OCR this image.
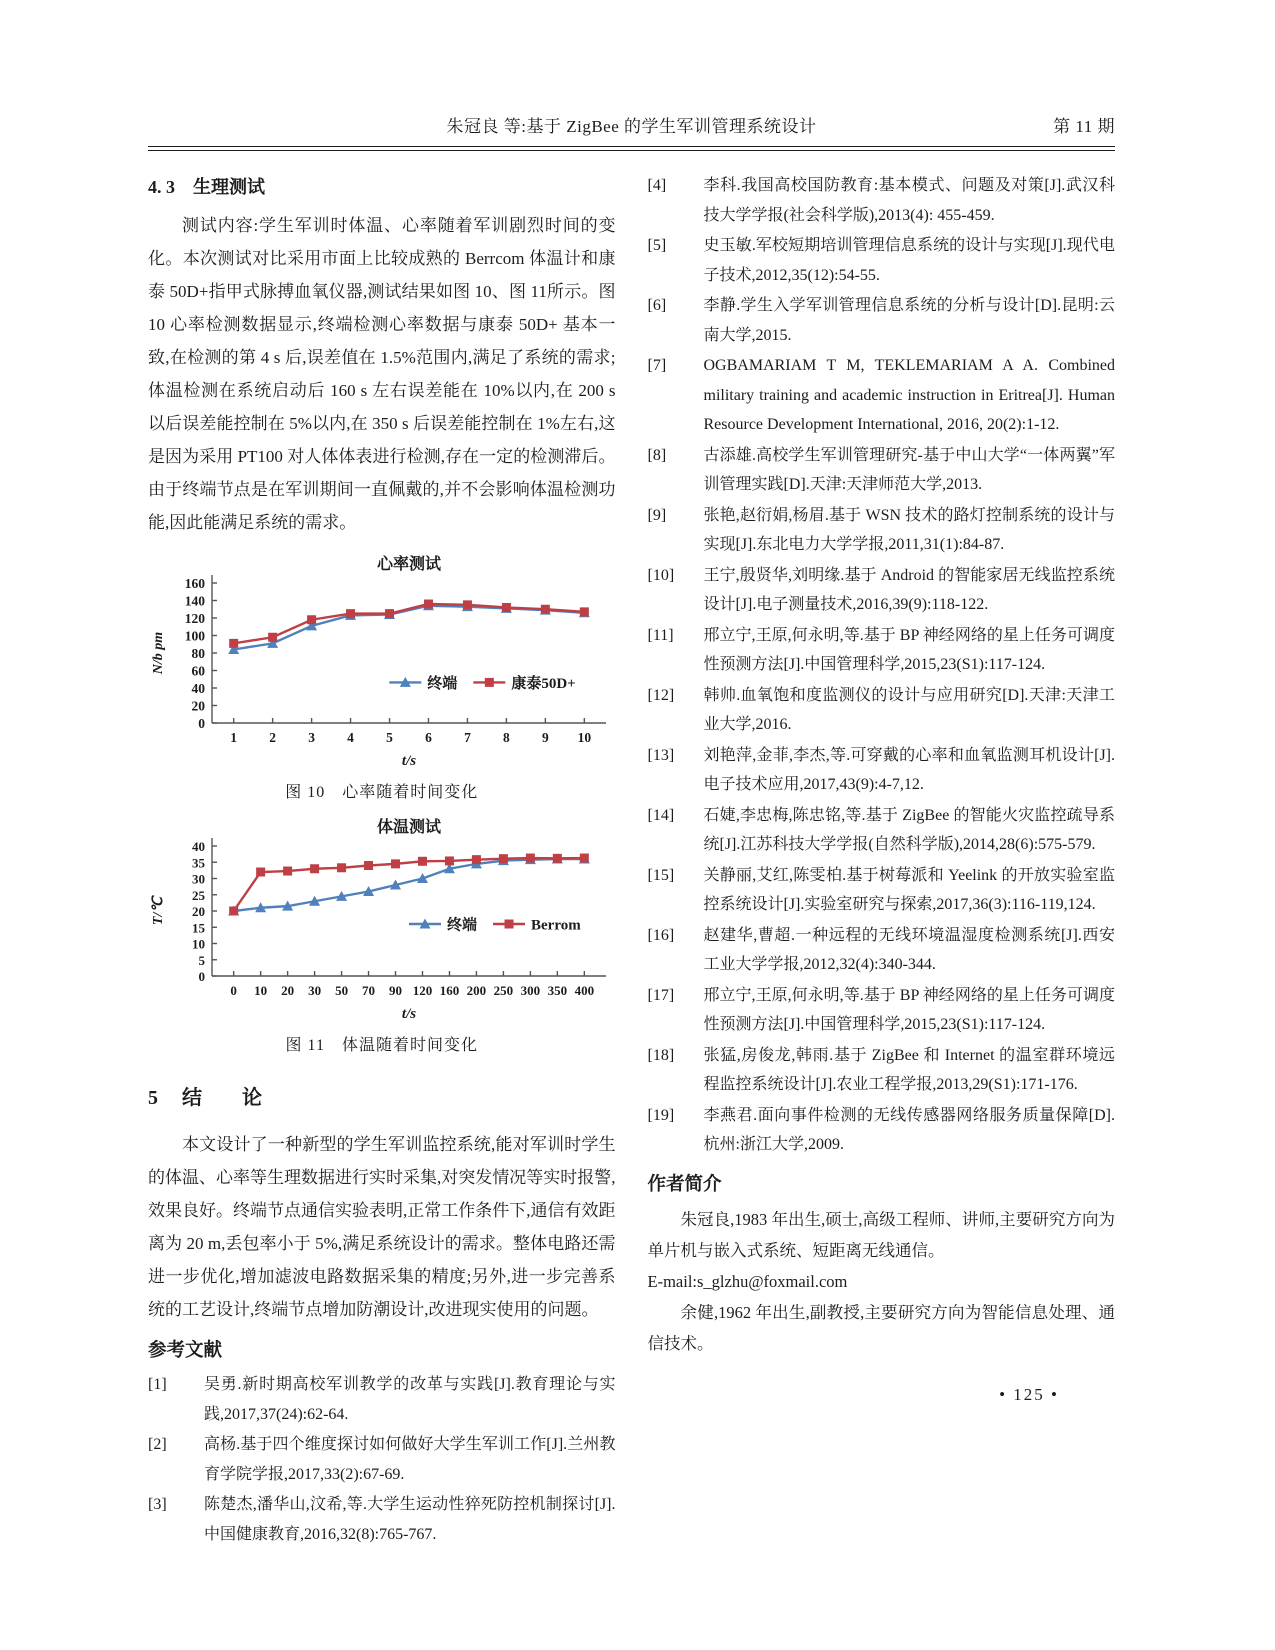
朱冠良 等:基于 ZigBee 的学生军训管理系统设计	第 11 期
4. 3 生理测试

测试内容:学生军训时体温、心率随着军训剧烈时间的变化。本次测试对比采用市面上比较成熟的 Berrcom 体温计和康泰 50D+指甲式脉搏血氧仪器,测试结果如图 10、图 11所示。图 10 心率检测数据显示,终端检测心率数据与康泰 50D+ 基本一致,在检测的第 4 s 后,误差值在 1.5%范围内,满足了系统的需求;体温检测在系统启动后 160 s 左右误差能在 10%以内,在 200 s 以后误差能控制在 5%以内,在 350 s 后误差能控制在 1%左右,这是因为采用 PT100 对人体体表进行检测,存在一定的检测滞后。由于终端节点是在军训期间一直佩戴的,并不会影响体温检测功能,因此能满足系统的需求。

心率测试
0
20
40
60
80
100
120
140
160
1 2 3 4 5 6 7 8 9 10
t/s
N/b pm
终端	康泰50D+
图 10　心率随着时间变化
体温测试
0
5
10
15
20
25
30
35
40
0 10 20 30 50 70 90 120 160 200 250 300 350 400
t/s
T/℃
终端	Berrom
图 11　体温随着时间变化
5 结　　论

本文设计了一种新型的学生军训监控系统,能对军训时学生的体温、心率等生理数据进行实时采集,对突发情况等实时报警,效果良好。终端节点通信实验表明,正常工作条件下,通信有效距离为 20 m,丢包率小于 5%,满足系统设计的需求。整体电路还需进一步优化,增加滤波电路数据采集的精度;另外,进一步完善系统的工艺设计,终端节点增加防潮设计,改进现实使用的问题。

参考文献
[1]	吴勇.新时期高校军训教学的改革与实践[J].教育理论与实践,2017,37(24):62-64.
[2]	高杨.基于四个维度探讨如何做好大学生军训工作[J].兰州教育学院学报,2017,33(2):67-69.
[3]	陈楚杰,潘华山,汶希,等.大学生运动性猝死防控机制探讨[J].中国健康教育,2016,32(8):765-767.
[4]	李科.我国高校国防教育:基本模式、问题及对策[J].武汉科技大学学报(社会科学版),2013(4): 455-459.
[5]	史玉敏.军校短期培训管理信息系统的设计与实现[J].现代电子技术,2012,35(12):54-55.
[6]	李静.学生入学军训管理信息系统的分析与设计[D].昆明:云南大学,2015.
[7]	OGBAMARIAM T M, TEKLEMARIAM A A. Combined military training and academic instruction in Eritrea[J]. Human Resource Development International, 2016, 20(2):1-12.
[8]	古添雄.高校学生军训管理研究-基于中山大学“一体两翼”军训管理实践[D].天津:天津师范大学,2013.
[9]	张艳,赵衍娟,杨眉.基于 WSN 技术的路灯控制系统的设计与实现[J].东北电力大学学报,2011,31(1):84-87.
[10]	王宁,殷贤华,刘明缘.基于 Android 的智能家居无线监控系统设计[J].电子测量技术,2016,39(9):118-122.
[11]	邢立宁,王原,何永明,等.基于 BP 神经网络的星上任务可调度性预测方法[J].中国管理科学,2015,23(S1):117-124.
[12]	韩帅.血氧饱和度监测仪的设计与应用研究[D].天津:天津工业大学,2016.
[13]	刘艳萍,金菲,李杰,等.可穿戴的心率和血氧监测耳机设计[J].电子技术应用,2017,43(9):4-7,12.
[14]	石婕,李忠梅,陈忠铭,等.基于 ZigBee 的智能火灾监控疏导系统[J].江苏科技大学学报(自然科学版),2014,28(6):575-579.
[15]	关静丽,艾红,陈雯柏.基于树莓派和 Yeelink 的开放实验室监控系统设计[J].实验室研究与探索,2017,36(3):116-119,124.
[16]	赵建华,曹超.一种远程的无线环境温湿度检测系统[J].西安工业大学学报,2012,32(4):340-344.
[17]	邢立宁,王原,何永明,等.基于 BP 神经网络的星上任务可调度性预测方法[J].中国管理科学,2015,23(S1):117-124.
[18]	张猛,房俊龙,韩雨.基于 ZigBee 和 Internet 的温室群环境远程监控系统设计[J].农业工程学报,2013,29(S1):171-176.
[19]	李燕君.面向事件检测的无线传感器网络服务质量保障[D].杭州:浙江大学,2009.
作者简介

朱冠良,1983 年出生,硕士,高级工程师、讲师,主要研究方向为单片机与嵌入式系统、短距离无线通信。

E-mail:s_glzhu@foxmail.com

余健,1962 年出生,副教授,主要研究方向为智能信息处理、通信技术。

• 125 •
